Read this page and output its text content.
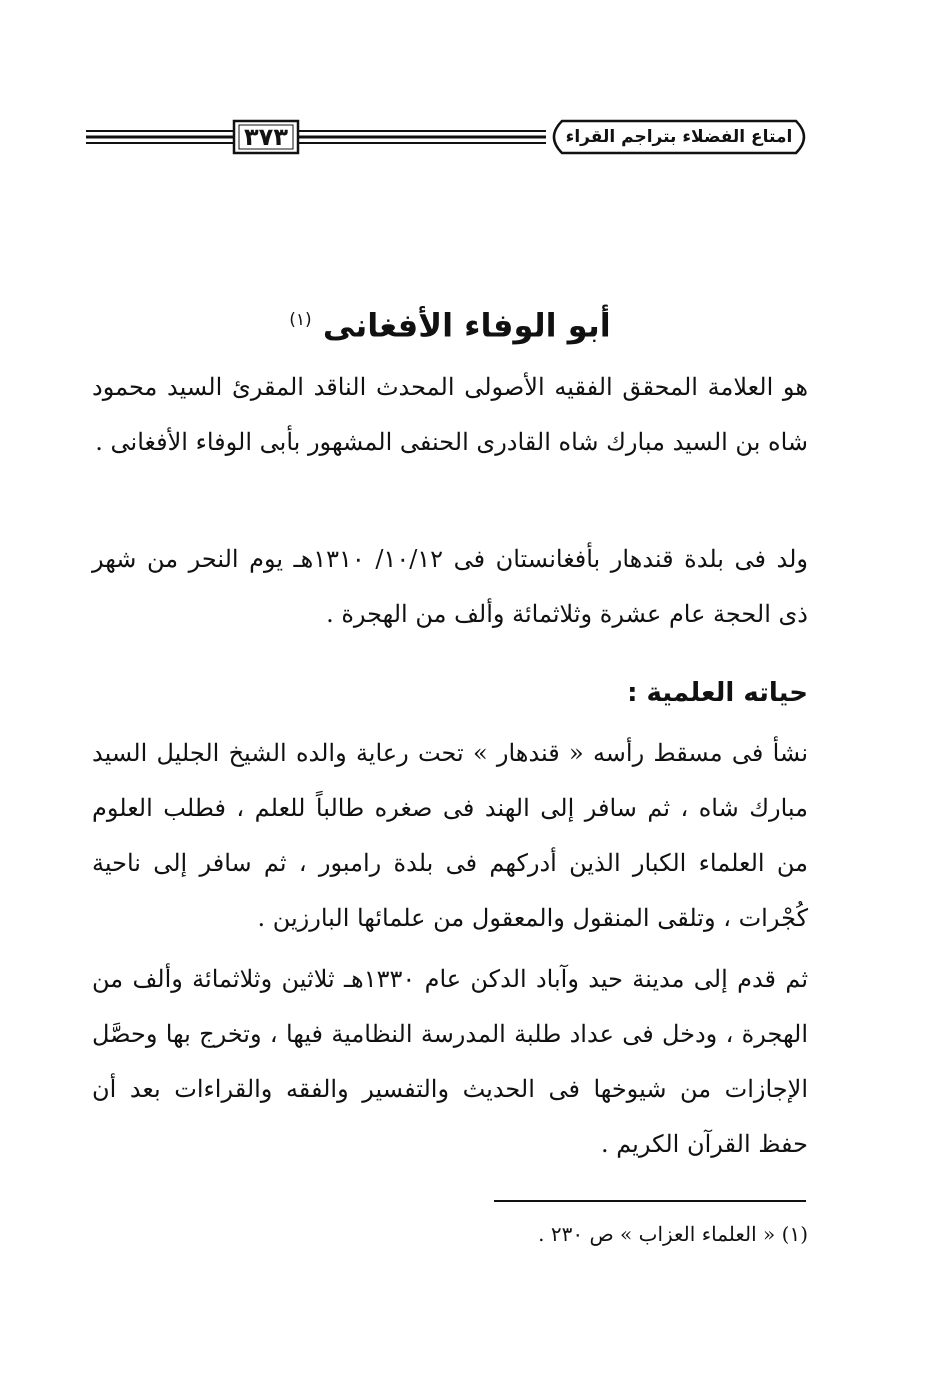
٣٧٣	امتاع الفضلاء بتراجم القراء
أبو الوفاء الأفغانى $^{(١)}$
هو العلامة المحقق الفقيه الأصولى المحدث الناقد المقرئ السيد محمود شاه بن السيد مبارك شاه القادرى الحنفى المشهور بأبى الوفاء الأفغانى .
ولد فى بلدة قندهار بأفغانستان فى ١٠/١٢/ ١٣١٠هـ يوم النحر من شهر ذى الحجة عام عشرة وثلاثمائة وألف من الهجرة .
حياته العلمية :
نشأ فى مسقط رأسه « قندهار » تحت رعاية والده الشيخ الجليل السيد مبارك شاه ، ثم سافر إلى الهند فى صغره طالباً للعلم ، فطلب العلوم من العلماء الكبار الذين أدركهم فى بلدة رامبور ، ثم سافر إلى ناحية كُجْرات ، وتلقى المنقول والمعقول من علمائها البارزين .
ثم قدم إلى مدينة حيد وآباد الدكن عام ١٣٣٠هـ ثلاثين وثلاثمائة وألف من الهجرة ، ودخل فى عداد طلبة المدرسة النظامية فيها ، وتخرج بها وحصَّل الإجازات من شيوخها فى الحديث والتفسير والفقه والقراءات بعد أن حفظ القرآن الكريم .
(١) « العلماء العزاب » ص ٢٣٠ .
